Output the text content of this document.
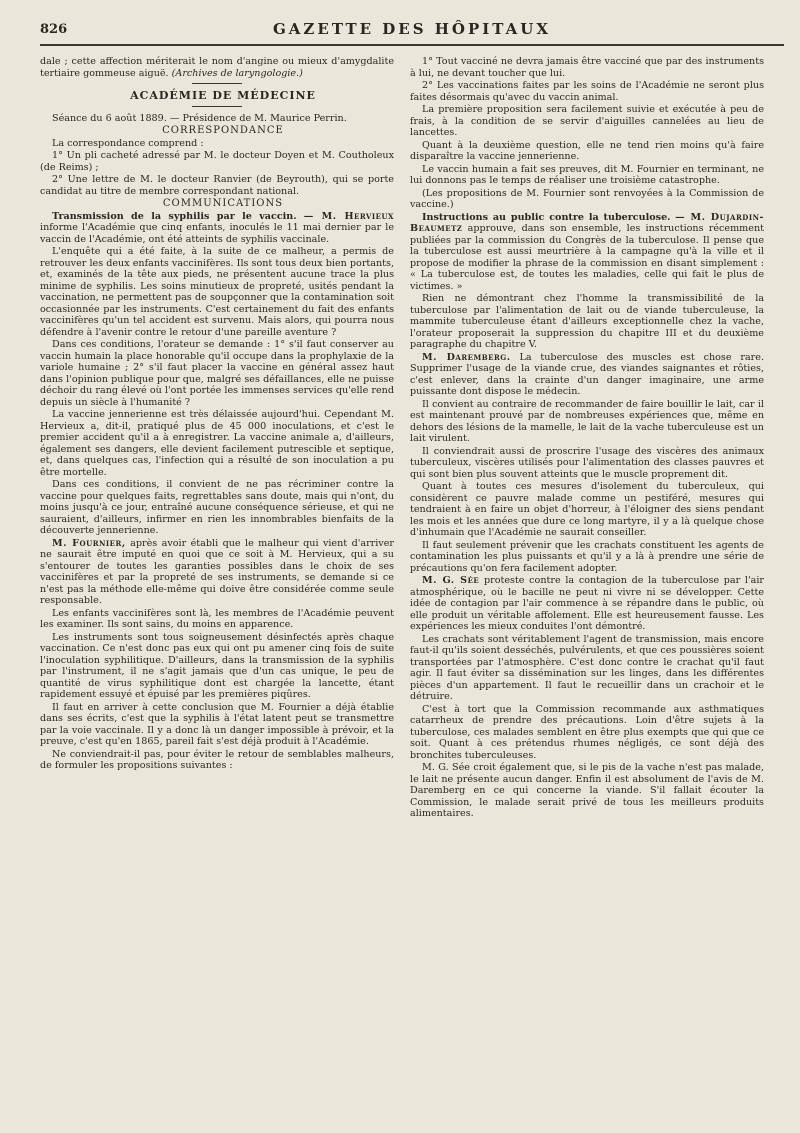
826	GAZETTE DES HÔPITAUX

dale ; cette affection mériterait le nom d'angine ou mieux d'amygdalite tertiaire gommeuse aiguë. (Archives de laryngologie.)

ACADÉMIE DE MÉDECINE

Séance du 6 août 1889. — Présidence de M. Maurice Perrin.

CORRESPONDANCE

La correspondance comprend :

1° Un pli cacheté adressé par M. le docteur Doyen et M. Coutholeux (de Reims) ;

2° Une lettre de M. le docteur Ranvier (de Beyrouth), qui se porte candidat au titre de membre correspondant national.

COMMUNICATIONS

Transmission de la syphilis par le vaccin. — M. Hervieux informe l'Académie que cinq enfants, inoculés le 11 mai dernier par le vaccin de l'Académie, ont été atteints de syphilis vaccinale.

L'enquête qui a été faite, à la suite de ce malheur, a permis de retrouver les deux enfants vaccinifères. Ils sont tous deux bien portants, et, examinés de la tête aux pieds, ne présentent aucune trace la plus minime de syphilis. Les soins minutieux de propreté, usités pendant la vaccination, ne permettent pas de soupçonner que la contamination soit occasionnée par les instruments. C'est certainement du fait des enfants vaccinifères qu'un tel accident est survenu. Mais alors, qui pourra nous défendre à l'avenir contre le retour d'une pareille aventure ?

Dans ces conditions, l'orateur se demande : 1° s'il faut conserver au vaccin humain la place honorable qu'il occupe dans la prophylaxie de la variole humaine ; 2° s'il faut placer la vaccine en général assez haut dans l'opinion publique pour que, malgré ses défaillances, elle ne puisse déchoir du rang élevé où l'ont portée les immenses services qu'elle rend depuis un siècle à l'humanité ?

La vaccine jennerienne est très délaissée aujourd'hui. Cependant M. Hervieux a, dit-il, pratiqué plus de 45 000 inoculations, et c'est le premier accident qu'il a à enregistrer. La vaccine animale a, d'ailleurs, également ses dangers, elle devient facilement putrescible et septique, et, dans quelques cas, l'infection qui a résulté de son inoculation a pu être mortelle.

Dans ces conditions, il convient de ne pas récriminer contre la vaccine pour quelques faits, regrettables sans doute, mais qui n'ont, du moins jusqu'à ce jour, entraîné aucune conséquence sérieuse, et qui ne sauraient, d'ailleurs, infirmer en rien les innombrables bienfaits de la découverte jennerienne.

M. Fournier, après avoir établi que le malheur qui vient d'arriver ne saurait être imputé en quoi que ce soit à M. Hervieux, qui a su s'entourer de toutes les garanties possibles dans le choix de ses vaccinifères et par la propreté de ses instruments, se demande si ce n'est pas la méthode elle-même qui doive être considérée comme seule responsable.

Les enfants vaccinifères sont là, les membres de l'Académie peuvent les examiner. Ils sont sains, du moins en apparence.

Les instruments sont tous soigneusement désinfectés après chaque vaccination. Ce n'est donc pas eux qui ont pu amener cinq fois de suite l'inoculation syphilitique. D'ailleurs, dans la transmission de la syphilis par l'instrument, il ne s'agit jamais que d'un cas unique, le peu de quantité de virus syphilitique dont est chargée la lancette, étant rapidement essuyé et épuisé par les premières piqûres.

Il faut en arriver à cette conclusion que M. Fournier a déjà établie dans ses écrits, c'est que la syphilis à l'état latent peut se transmettre par la voie vaccinale. Il y a donc là un danger impossible à prévoir, et la preuve, c'est qu'en 1865, pareil fait s'est déjà produit à l'Académie.

Ne conviendrait-il pas, pour éviter le retour de semblables malheurs, de formuler les propositions suivantes :

1° Tout vacciné ne devra jamais être vacciné que par des instruments à lui, ne devant toucher que lui.

2° Les vaccinations faites par les soins de l'Académie ne seront plus faites désormais qu'avec du vaccin animal.

La première proposition sera facilement suivie et exécutée à peu de frais, à la condition de se servir d'aiguilles cannelées au lieu de lancettes.

Quant à la deuxième question, elle ne tend rien moins qu'à faire disparaître la vaccine jennerienne.

Le vaccin humain a fait ses preuves, dit M. Fournier en terminant, ne lui donnons pas le temps de réaliser une troisième catastrophe.

(Les propositions de M. Fournier sont renvoyées à la Commission de vaccine.)

Instructions au public contre la tuberculose. — M. Dujardin-Beaumetz approuve, dans son ensemble, les instructions récemment publiées par la commission du Congrès de la tuberculose. Il pense que la tuberculose est aussi meurtrière à la campagne qu'à la ville et il propose de modifier la phrase de la commission en disant simplement : « La tuberculose est, de toutes les maladies, celle qui fait le plus de victimes. »

Rien ne démontrant chez l'homme la transmissibilité de la tuberculose par l'alimentation de lait ou de viande tuberculeuse, la mammite tuberculeuse étant d'ailleurs exceptionnelle chez la vache, l'orateur proposerait la suppression du chapitre III et du deuxième paragraphe du chapitre V.

M. Daremberg. La tuberculose des muscles est chose rare. Supprimer l'usage de la viande crue, des viandes saignantes et rôties, c'est enlever, dans la crainte d'un danger imaginaire, une arme puissante dont dispose le médecin.

Il convient au contraire de recommander de faire bouillir le lait, car il est maintenant prouvé par de nombreuses expériences que, même en dehors des lésions de la mamelle, le lait de la vache tuberculeuse est un lait virulent.

Il conviendrait aussi de proscrire l'usage des viscères des animaux tuberculeux, viscères utilisés pour l'alimentation des classes pauvres et qui sont bien plus souvent atteints que le muscle proprement dit.

Quant à toutes ces mesures d'isolement du tuberculeux, qui considèrent ce pauvre malade comme un pestiféré, mesures qui tendraient à en faire un objet d'horreur, à l'éloigner des siens pendant les mois et les années que dure ce long martyre, il y a là quelque chose d'inhumain que l'Académie ne saurait conseiller.

Il faut seulement prévenir que les crachats constituent les agents de contamination les plus puissants et qu'il y a là à prendre une série de précautions qu'on fera facilement adopter.

M. G. Sée proteste contre la contagion de la tuberculose par l'air atmosphérique, où le bacille ne peut ni vivre ni se développer. Cette idée de contagion par l'air commence à se répandre dans le public, où elle produit un véritable affolement. Elle est heureusement fausse. Les expériences les mieux conduites l'ont démontré.

Les crachats sont véritablement l'agent de transmission, mais encore faut-il qu'ils soient desséchés, pulvérulents, et que ces poussières soient transportées par l'atmosphère. C'est donc contre le crachat qu'il faut agir. Il faut éviter sa dissémination sur les linges, dans les différentes pièces d'un appartement. Il faut le recueillir dans un crachoir et le détruire.

C'est à tort que la Commission recommande aux asthmatiques catarrheux de prendre des précautions. Loin d'être sujets à la tuberculose, ces malades semblent en être plus exempts que qui que ce soit. Quant à ces prétendus rhumes négligés, ce sont déjà des bronchites tuberculeuses.

M. G. Sée croit également que, si le pis de la vache n'est pas malade, le lait ne présente aucun danger. Enfin il est absolument de l'avis de M. Daremberg en ce qui concerne la viande. S'il fallait écouter la Commission, le malade serait privé de tous les meilleurs produits alimentaires.
